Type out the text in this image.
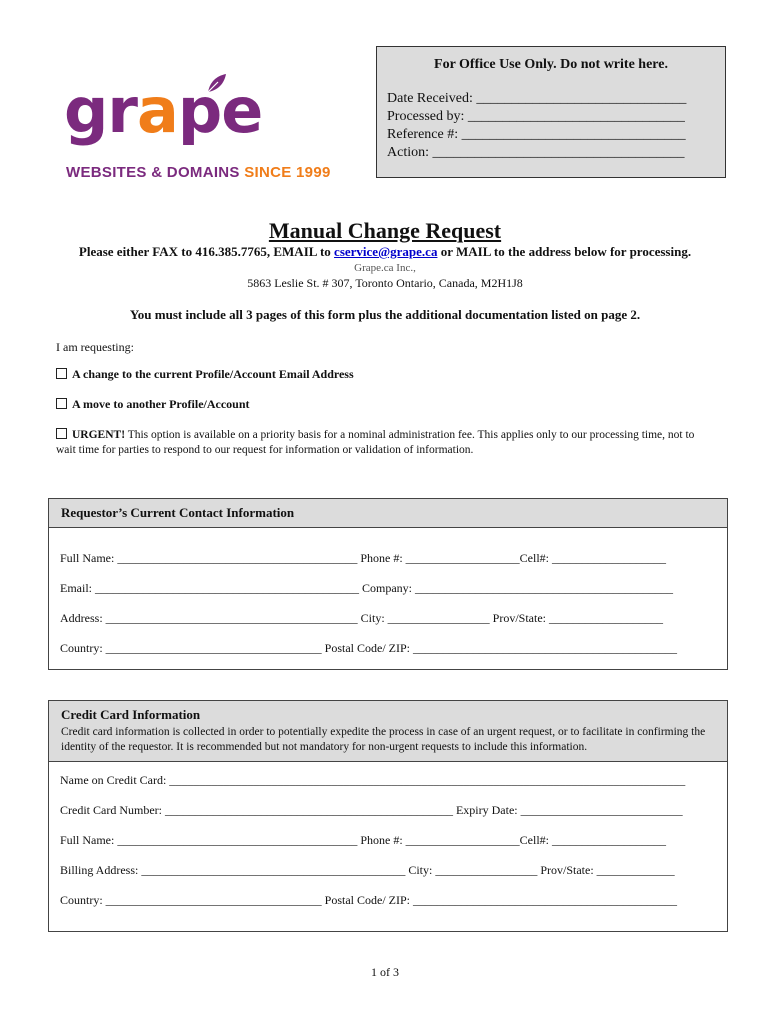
grape
WEBSITES & DOMAINS SINCE 1999
For Office Use Only. Do not write here.
Date Received: ______________________________
Processed by: _______________________________
Reference #: ________________________________
Action: ____________________________________
Manual Change Request
Please either FAX to 416.385.7765, EMAIL to cservice@grape.ca or MAIL to the address below for processing.
Grape.ca Inc.,
5863 Leslie St. # 307, Toronto Ontario, Canada, M2H1J8
You must include all 3 pages of this form plus the additional documentation listed on page 2.
I am requesting:
A change to the current Profile/Account Email Address
A move to another Profile/Account
URGENT! This option is available on a priority basis for a nominal administration fee. This applies only to our processing time, not to wait time for parties to respond to our request for information or validation of information.
Requestor’s Current Contact Information
Full Name: ________________________________________ Phone #: ___________________Cell#: ___________________
Email: ____________________________________________ Company: ___________________________________________
Address: __________________________________________ City: _________________ Prov/State: ___________________
Country: ____________________________________ Postal Code/ ZIP: ____________________________________________
Credit Card Information
Credit card information is collected in order to potentially expedite the process in case of an urgent request, or to facilitate in confirming the identity of the requestor. It is recommended but not mandatory for non-urgent requests to include this information.
Name on Credit Card: ______________________________________________________________________________________
Credit Card Number: ________________________________________________ Expiry Date: ___________________________
Full Name: ________________________________________ Phone #: ___________________Cell#: ___________________
Billing Address: ____________________________________________ City: _________________ Prov/State: _____________
Country: ____________________________________ Postal Code/ ZIP: ____________________________________________
1 of 3
